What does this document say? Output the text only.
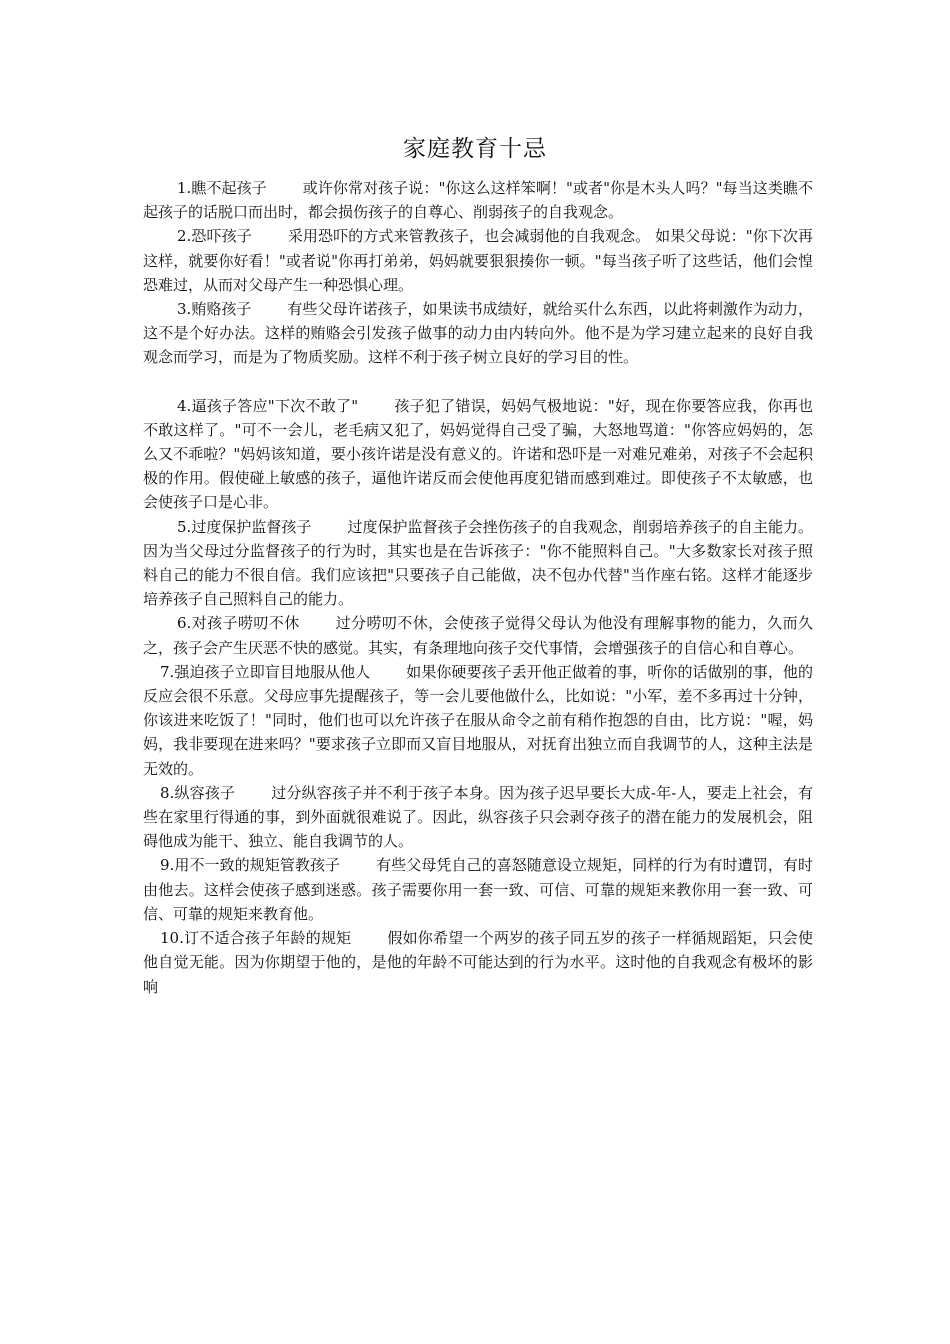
家庭教育十忌

1.瞧不起孩子 或许你常对孩子说："你这么这样笨啊！"或者"你是木头人吗？"每当这类瞧不起孩子的话脱口而出时，都会损伤孩子的自尊心、削弱孩子的自我观念。

2.恐吓孩子 采用恐吓的方式来管教孩子，也会减弱他的自我观念。 如果父母说："你下次再这样，就要你好看！"或者说"你再打弟弟，妈妈就要狠狠揍你一顿。"每当孩子听了这些话，他们会惶恐难过，从而对父母产生一种恐惧心理。

3.贿赂孩子 有些父母许诺孩子，如果读书成绩好，就给买什么东西，以此将刺激作为动力，这不是个好办法。这样的贿赂会引发孩子做事的动力由内转向外。他不是为学习建立起来的良好自我观念而学习，而是为了物质奖励。这样不利于孩子树立良好的学习目的性。

4.逼孩子答应"下次不敢了" 孩子犯了错误，妈妈气极地说："好，现在你要答应我，你再也不敢这样了。"可不一会儿，老毛病又犯了，妈妈觉得自己受了骗，大怒地骂道："你答应妈妈的，怎么又不乖啦？"妈妈该知道，要小孩许诺是没有意义的。许诺和恐吓是一对难兄难弟，对孩子不会起积极的作用。假使碰上敏感的孩子，逼他许诺反而会使他再度犯错而感到难过。即使孩子不太敏感，也会使孩子口是心非。

5.过度保护监督孩子 过度保护监督孩子会挫伤孩子的自我观念，削弱培养孩子的自主能力。因为当父母过分监督孩子的行为时，其实也是在告诉孩子："你不能照料自己。"大多数家长对孩子照料自己的能力不很自信。我们应该把"只要孩子自己能做，决不包办代替"当作座右铭。这样才能逐步培养孩子自己照料自己的能力。

6.对孩子唠叨不休 过分唠叨不休，会使孩子觉得父母认为他没有理解事物的能力，久而久之，孩子会产生厌恶不快的感觉。其实，有条理地向孩子交代事情，会增强孩子的自信心和自尊心。

7.强迫孩子立即盲目地服从他人 如果你硬要孩子丢开他正做着的事，听你的话做别的事，他的反应会很不乐意。父母应事先提醒孩子，等一会儿要他做什么，比如说："小军，差不多再过十分钟，你该进来吃饭了！"同时，他们也可以允许孩子在服从命令之前有稍作抱怨的自由，比方说："喔，妈妈，我非要现在进来吗？"要求孩子立即而又盲目地服从，对抚育出独立而自我调节的人，这种主法是无效的。

8.纵容孩子 过分纵容孩子并不利于孩子本身。因为孩子迟早要长大成-年-人，要走上社会，有些在家里行得通的事，到外面就很难说了。因此，纵容孩子只会剥夺孩子的潜在能力的发展机会，阻碍他成为能干、独立、能自我调节的人。

9.用不一致的规矩管教孩子 有些父母凭自己的喜怒随意设立规矩，同样的行为有时遭罚，有时由他去。这样会使孩子感到迷惑。孩子需要你用一套一致、可信、可靠的规矩来教你用一套一致、可信、可靠的规矩来教育他。

10.订不适合孩子年龄的规矩 假如你希望一个两岁的孩子同五岁的孩子一样循规蹈矩，只会使他自觉无能。因为你期望于他的，是他的年龄不可能达到的行为水平。这时他的自我观念有极坏的影响
